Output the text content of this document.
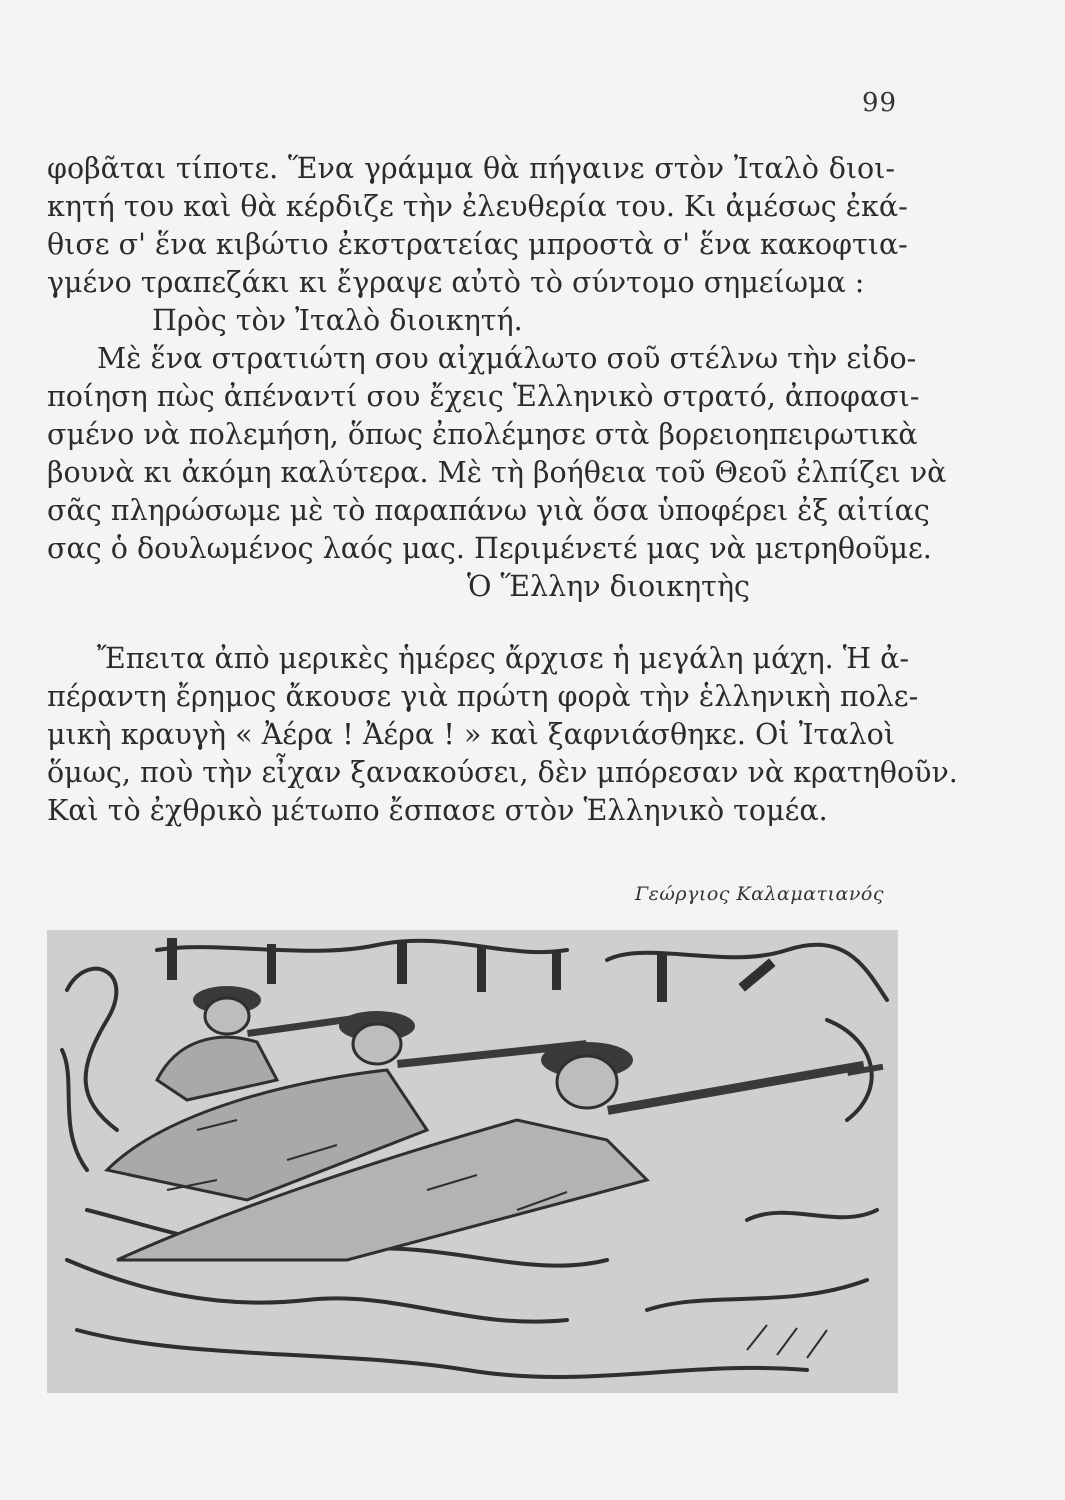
99
φοβᾶται τίποτε. Ἕνα γράμμα θὰ πήγαινε στὸν Ἰταλὸ διοι-
κητή του καὶ θὰ κέρδιζε τὴν ἐλευθερία του. Κι ἀμέσως ἐκά-
θισε σ' ἕνα κιβώτιο ἐκστρατείας μπροστὰ σ' ἕνα κακοφτια-
γμένο τραπεζάκι κι ἔγραψε αὐτὸ τὸ σύντομο σημείωμα :
Πρὸς τὸν Ἰταλὸ διοικητή.
Μὲ ἕνα στρατιώτη σου αἰχμάλωτο σοῦ στέλνω τὴν εἰδο-
ποίηση πὼς ἀπέναντί σου ἔχεις Ἑλληνικὸ στρατό, ἀποφασι-
σμένο νὰ πολεμήση, ὅπως ἐπολέμησε στὰ βορειοηπειρωτικὰ
βουνὰ κι ἀκόμη καλύτερα. Μὲ τὴ βοήθεια τοῦ Θεοῦ ἐλπίζει νὰ
σᾶς πληρώσωμε μὲ τὸ παραπάνω γιὰ ὅσα ὑποφέρει ἐξ αἰτίας
σας ὁ δουλωμένος λαός μας. Περιμένετέ μας νὰ μετρηθοῦμε.
Ὁ Ἕλλην διοικητὴς
Ἔπειτα ἀπὸ μερικὲς ἡμέρες ἄρχισε ἡ μεγάλη μάχη. Ἡ ἀ-
πέραντη ἔρημος ἄκουσε γιὰ πρώτη φορὰ τὴν ἑλληνικὴ πολε-
μικὴ κραυγὴ « Ἀέρα ! Ἀέρα ! » καὶ ξαφνιάσθηκε. Οἱ Ἰταλοὶ
ὅμως, ποὺ τὴν εἶχαν ξανακούσει, δὲν μπόρεσαν νὰ κρατηθοῦν.
Καὶ τὸ ἐχθρικὸ μέτωπο ἔσπασε στὸν Ἑλληνικὸ τομέα.
Γεώργιος Καλαματιανός
